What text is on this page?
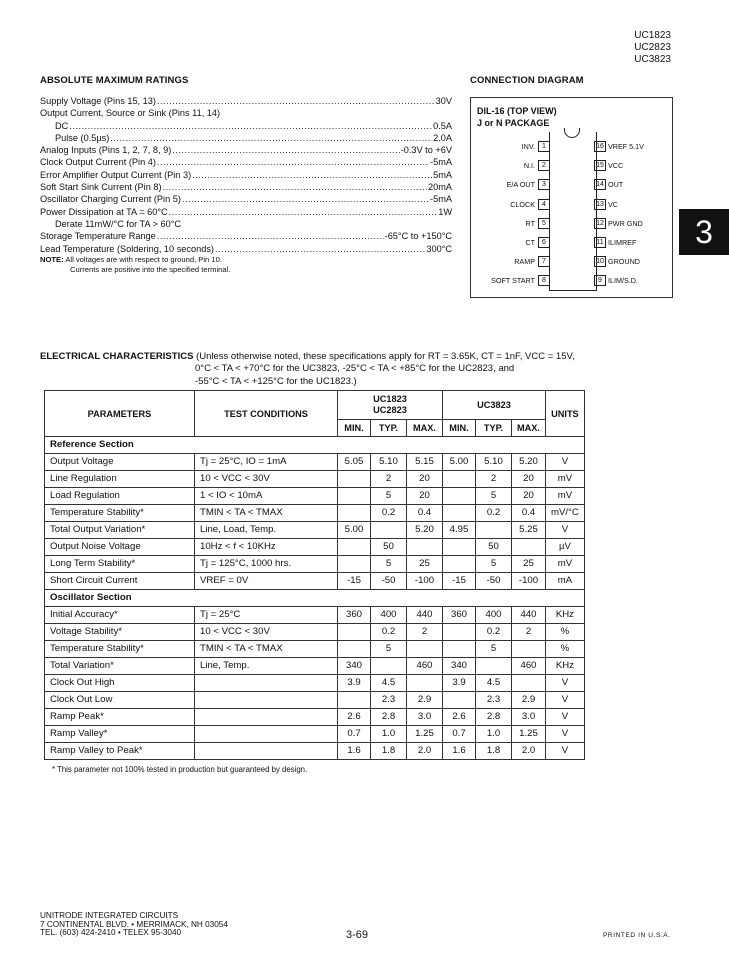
UC1823
UC2823
UC3823
ABSOLUTE MAXIMUM RATINGS
Supply Voltage (Pins 15, 13) .....	30V
Output Current, Source or Sink (Pins 11, 14)
DC .....	0.5A
Pulse (0.5µs) .....	2.0A
Analog Inputs (Pins 1, 2, 7, 8, 9) .....	-0.3V to +6V
Clock Output Current (Pin 4) .....	-5mA
Error Amplifier Output Current (Pin 3) .....	5mA
Soft Start Sink Current (Pin 8) .....	20mA
Oscillator Charging Current (Pin 5) .....	-5mA
Power Dissipation at TA = 60°C .....	1W
Derate 11mW/°C for TA > 60°C
Storage Temperature Range .....	-65°C to +150°C
Lead Temperature (Soldering, 10 seconds) .....	300°C
NOTE: All voltages are with respect to ground, Pin 10.
Currents are positive into the specified terminal.
CONNECTION DIAGRAM
DIL-16 (TOP VIEW)
J or N PACKAGE
INV.	1
N.I.	2
E/A OUT	3
CLOCK	4
RT	5
CT	6
RAMP	7
SOFT START	8
16 VREF 5.1V
15 VCC
14 OUT
13 VC
12 PWR GND
11 ILIMREF
10 GROUND
9 ILIM/S.D.
3
ELECTRICAL CHARACTERISTICS (Unless otherwise noted, these specifications apply for RT = 3.65K, CT = 1nF, VCC = 15V,
0°C < TA < +70°C for the UC3823, -25°C < TA < +85°C for the UC2823, and
-55°C < TA < +125°C for the UC1823.)
PARAMETERS	TEST CONDITIONS	UC1823
UC2823			UC3823			UNITS
		MIN.	TYP.	MAX.	MIN.	TYP.	MAX.	
Reference Section								
Output Voltage	Tj = 25°C, IO = 1mA	5.05	5.10	5.15	5.00	5.10	5.20	V
Line Regulation	10 < VCC < 30V		2	20		2	20	mV
Load Regulation	1 < IO < 10mA		5	20		5	20	mV
Temperature Stability*	TMIN < TA < TMAX		0.2	0.4		0.2	0.4	mV/°C
Total Output Variation*	Line, Load, Temp.	5.00		5.20	4.95		5.25	V
Output Noise Voltage	10Hz < f < 10KHz		50			50		µV
Long Term Stability*	Tj = 125°C, 1000 hrs.		5	25		5	25	mV
Short Circuit Current	VREF = 0V	-15	-50	-100	-15	-50	-100	mA
Oscillator Section								
Initial Accuracy*	Tj = 25°C	360	400	440	360	400	440	KHz
Voltage Stability*	10 < VCC < 30V		0.2	2		0.2	2	%
Temperature Stability*	TMIN < TA < TMAX		5			5		%
Total Variation*	Line, Temp.	340		460	340		460	KHz
Clock Out High		3.9	4.5		3.9	4.5		V
Clock Out Low			2.3	2.9		2.3	2.9	V
Ramp Peak*		2.6	2.8	3.0	2.6	2.8	3.0	V
Ramp Valley*		0.7	1.0	1.25	0.7	1.0	1.25	V
Ramp Valley to Peak*		1.6	1.8	2.0	1.6	1.8	2.0	V
* This parameter not 100% tested in production but guaranteed by design.
UNITRODE INTEGRATED CIRCUITS
7 CONTINENTAL BLVD. • MERRIMACK, NH 03054
TEL. (603) 424-2410 • TELEX 95-3040	3-69	PRINTED IN U.S.A.
